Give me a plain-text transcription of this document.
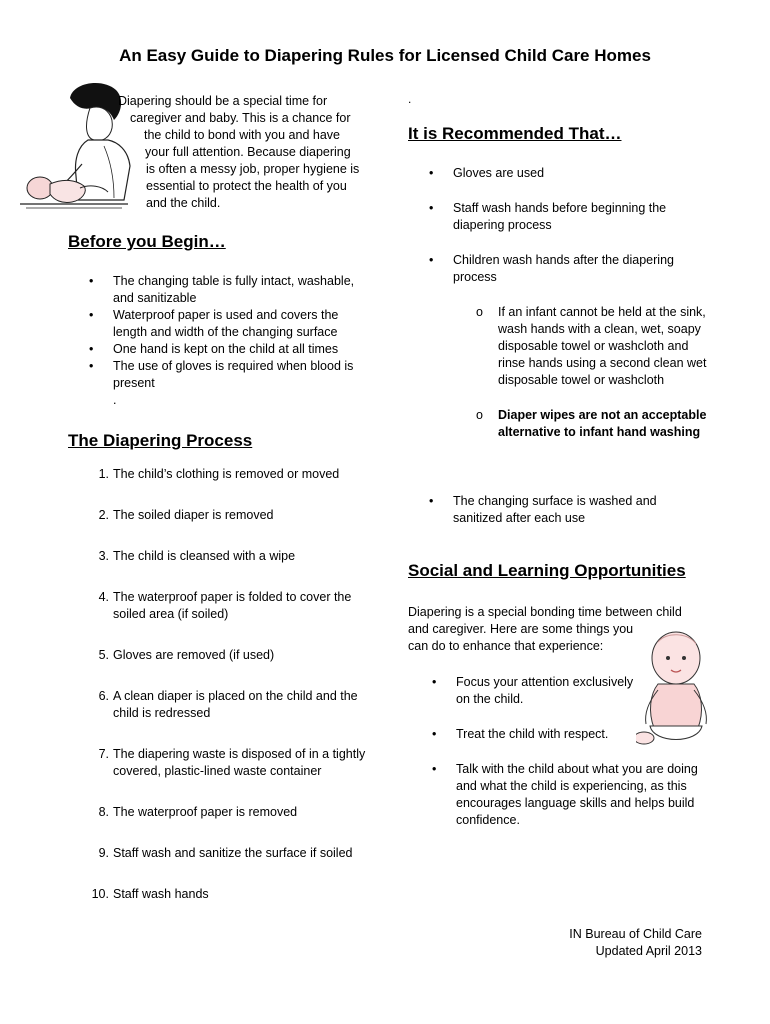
An Easy Guide to Diapering Rules for Licensed Child Care Homes
Diapering should be a special time for
caregiver and baby. This is a chance for
the child to bond with you and have
your full attention. Because diapering
is often a messy job, proper hygiene is
essential to protect the health of you
and the child.
.
Before you Begin…
• The changing table is fully intact, washable, and sanitizable
• Waterproof paper is used and covers the length and width of the changing surface
• One hand is kept on the child at all times
• The use of gloves is required when blood is present
.
The Diapering Process
1. The child’s clothing is removed or moved
2. The soiled diaper is removed
3. The child is cleansed with a wipe
4. The waterproof paper is folded to cover the soiled area (if soiled)
5. Gloves are removed (if used)
6. A clean diaper is placed on the child and the child is redressed
7. The diapering waste is disposed of in a tightly covered, plastic-lined waste container
8. The waterproof paper is removed
9. Staff wash and sanitize the surface if soiled
10. Staff wash hands
It is Recommended That…
• Gloves are used
• Staff wash hands before beginning the diapering process
• Children wash hands after the diapering process
o If an infant cannot be held at the sink, wash hands with a clean, wet, soapy disposable towel or washcloth and rinse hands using a second clean wet disposable towel or washcloth
o Diaper wipes are not an acceptable alternative to infant hand washing
• The changing surface is washed and sanitized after each use
Social and Learning Opportunities
Diapering is a special bonding time between child
and caregiver. Here are some things you
can do to enhance that experience:
• Focus your attention exclusively on the child.
• Treat the child with respect.
• Talk with the child about what you are doing and what the child is experiencing, as this encourages language skills and helps build confidence.
IN Bureau of Child Care
Updated April 2013
